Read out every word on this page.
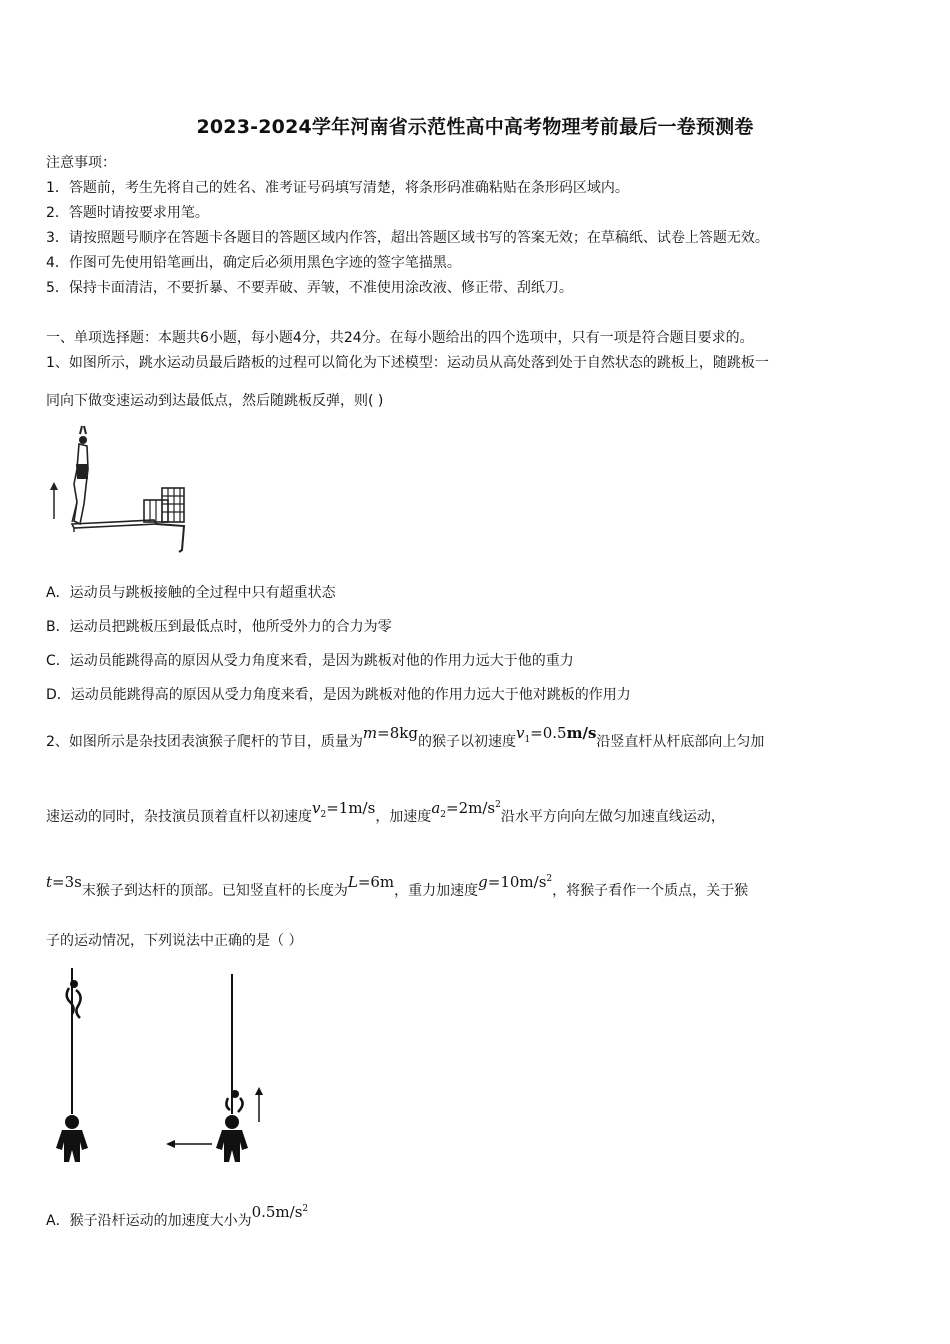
2023-2024学年河南省示范性高中高考物理考前最后一卷预测卷
注意事项：
1．答题前，考生先将自己的姓名、准考证号码填写清楚，将条形码准确粘贴在条形码区域内。
2．答题时请按要求用笔。
3．请按照题号顺序在答题卡各题目的答题区域内作答，超出答题区域书写的答案无效；在草稿纸、试卷上答题无效。
4．作图可先使用铅笔画出，确定后必须用黑色字迹的签字笔描黑。
5．保持卡面清洁，不要折暴、不要弄破、弄皱，不准使用涂改液、修正带、刮纸刀。
一、单项选择题：本题共6小题，每小题4分，共24分。在每小题给出的四个选项中，只有一项是符合题目要求的。
1、如图所示，跳水运动员最后踏板的过程可以简化为下述模型：运动员从高处落到处于自然状态的跳板上，随跳板一
同向下做变速运动到达最低点，然后随跳板反弹，则( )
A．运动员与跳板接触的全过程中只有超重状态
B．运动员把跳板压到最低点时，他所受外力的合力为零
C．运动员能跳得高的原因从受力角度来看，是因为跳板对他的作用力远大于他的重力
D．运动员能跳得高的原因从受力角度来看，是因为跳板对他的作用力远大于他对跳板的作用力
2、如图所示是杂技团表演猴子爬杆的节目，质量为m=8kg的猴子以初速度$v_1=0.5m/s$沿竖直杆从杆底部向上匀加
速运动的同时，杂技演员顶着直杆以初速度$v_2=1m/s$，加速度$a_2=2m/s^2$沿水平方向向左做匀加速直线运动，
t=3s末猴子到达杆的顶部。已知竖直杆的长度为L=6m，重力加速度$g=10m/s^2$，将猴子看作一个质点，关于猴
子的运动情况，下列说法中正确的是（ ）
A．猴子沿杆运动的加速度大小为$0.5m/s^2$
